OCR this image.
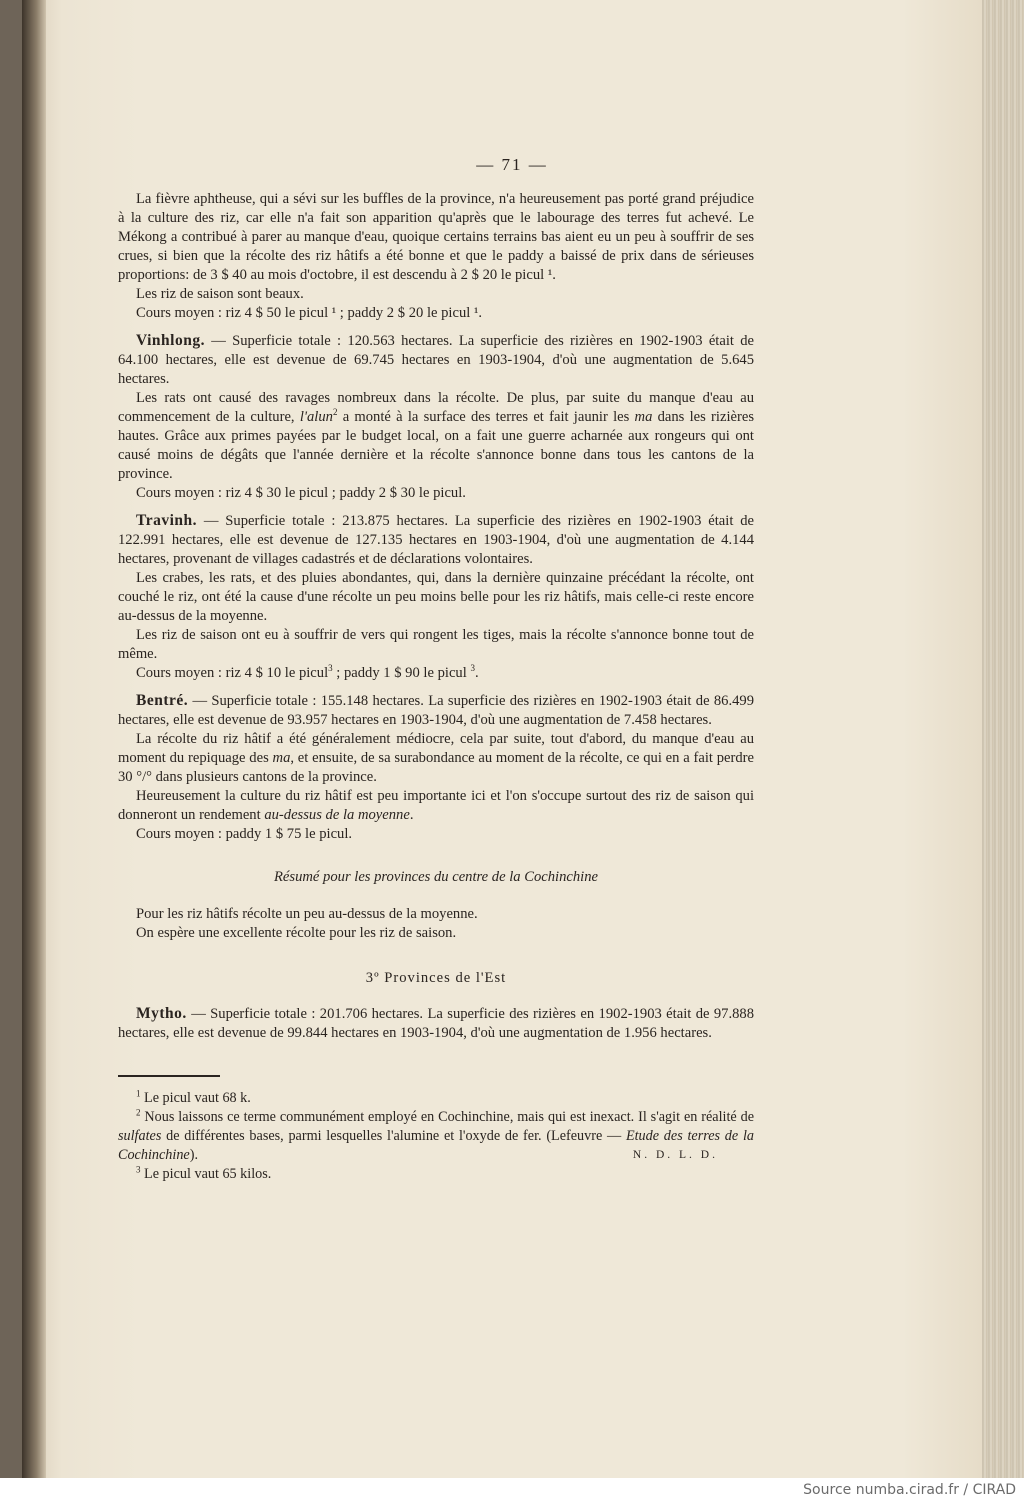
— 71 —

La fièvre aphtheuse, qui a sévi sur les buffles de la province, n'a heureusement pas porté grand préjudice à la culture des riz, car elle n'a fait son apparition qu'après que le labourage des terres fut achevé. Le Mékong a contribué à parer au manque d'eau, quoique certains terrains bas aient eu un peu à souffrir de ses crues, si bien que la récolte des riz hâtifs a été bonne et que le paddy a baissé de prix dans de sérieuses proportions: de 3 $ 40 au mois d'octobre, il est descendu à 2 $ 20 le picul ¹.

Les riz de saison sont beaux.

Cours moyen : riz 4 $ 50 le picul ¹ ; paddy 2 $ 20 le picul ¹.

Vinhlong. — Superficie totale : 120.563 hectares. La superficie des rizières en 1902-1903 était de 64.100 hectares, elle est devenue de 69.745 hectares en 1903-1904, d'où une augmentation de 5.645 hectares.

Les rats ont causé des ravages nombreux dans la récolte. De plus, par suite du manque d'eau au commencement de la culture, l'alun$^2$ a monté à la surface des terres et fait jaunir les ma dans les rizières hautes. Grâce aux primes payées par le budget local, on a fait une guerre acharnée aux rongeurs qui ont causé moins de dégâts que l'année dernière et la récolte s'annonce bonne dans tous les cantons de la province.

Cours moyen : riz 4 $ 30 le picul ; paddy 2 $ 30 le picul.

Travinh. — Superficie totale : 213.875 hectares. La superficie des rizières en 1902-1903 était de 122.991 hectares, elle est devenue de 127.135 hectares en 1903-1904, d'où une augmentation de 4.144 hectares, provenant de villages cadastrés et de déclarations volontaires.

Les crabes, les rats, et des pluies abondantes, qui, dans la dernière quinzaine précédant la récolte, ont couché le riz, ont été la cause d'une récolte un peu moins belle pour les riz hâtifs, mais celle-ci reste encore au-dessus de la moyenne.

Les riz de saison ont eu à souffrir de vers qui rongent les tiges, mais la récolte s'annonce bonne tout de même.

Cours moyen : riz 4 $ 10 le picul$^3$ ; paddy 1 $ 90 le picul $^3$.

Bentré. — Superficie totale : 155.148 hectares. La superficie des rizières en 1902-1903 était de 86.499 hectares, elle est devenue de 93.957 hectares en 1903-1904, d'où une augmentation de 7.458 hectares.

La récolte du riz hâtif a été généralement médiocre, cela par suite, tout d'abord, du manque d'eau au moment du repiquage des ma, et ensuite, de sa surabondance au moment de la récolte, ce qui en a fait perdre 30 °/° dans plusieurs cantons de la province.

Heureusement la culture du riz hâtif est peu importante ici et l'on s'occupe surtout des riz de saison qui donneront un rendement au-dessus de la moyenne.

Cours moyen : paddy 1 $ 75 le picul.

Résumé pour les provinces du centre de la Cochinchine

Pour les riz hâtifs récolte un peu au-dessus de la moyenne.

On espère une excellente récolte pour les riz de saison.

3º Provinces de l'Est

Mytho. — Superficie totale : 201.706 hectares. La superficie des rizières en 1902-1903 était de 97.888 hectares, elle est devenue de 99.844 hectares en 1903-1904, d'où une augmentation de 1.956 hectares.

$^1$ Le picul vaut 68 k.

$^2$ Nous laissons ce terme communément employé en Cochinchine, mais qui est inexact. Il s'agit en réalité de sulfates de différentes bases, parmi lesquelles l'alumine et l'oxyde de fer. (Lefeuvre — Etude des terres de la Cochinchine).	N. D. L. D.

$^3$ Le picul vaut 65 kilos.

Source numba.cirad.fr / CIRAD
